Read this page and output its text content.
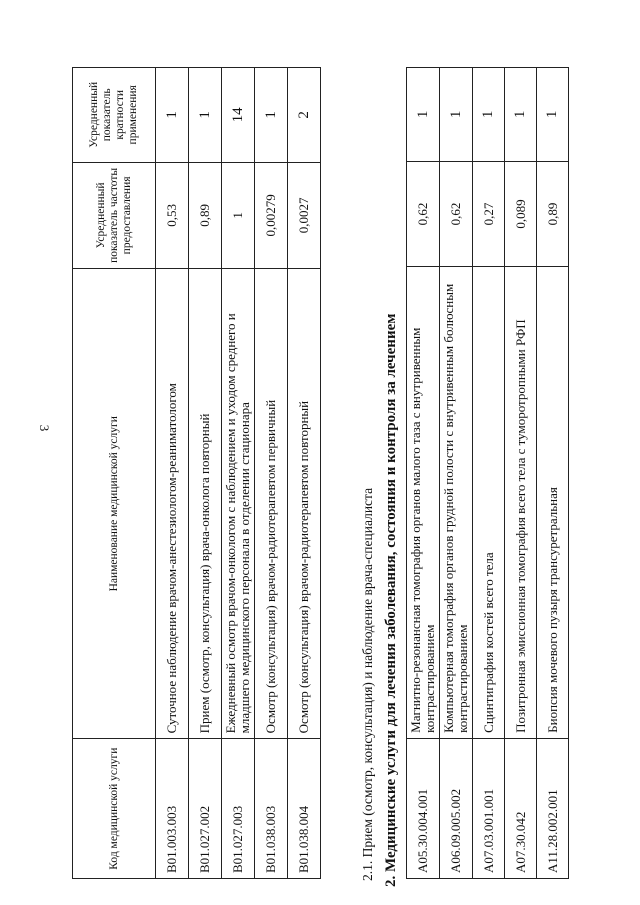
3
A05.30.004.001	Магнитно-резонансная томография органов малого таза с внутривенным контрастированием	0,62	1
A06.09.005.002	Компьютерная томография органов грудной полости с внутривенным болюсным контрастированием	0,62	1
A07.03.001.001	Сцинтиграфия костей всего тела	0,27	1
A07.30.042	Позитронная эмиссионная томография всего тела с туморотропными РФП	0,089	1
A11.28.002.001	Биопсия мочевого пузыря трансуретральная	0,89	1
2. Медицинские услуги для лечения заболевания, состояния и контроля за лечением
2.1. Прием (осмотр, консультация) и наблюдение врача-специалиста
Код медицинской услуги	Наименование медицинской услуги	Усредненный показатель частоты предоставления	Усредненный показатель кратности применения
B01.003.003	Суточное наблюдение врачом-анестезиологом-реаниматологом	0,53	1
B01.027.002	Прием (осмотр, консультация) врача-онколога повторный	0,89	1
B01.027.003	Ежедневный осмотр врачом-онкологом с наблюдением и уходом среднего и младшего медицинского персонала в отделении стационара	1	14
B01.038.003	Осмотр (консультация) врачом-радиотерапевтом первичный	0,00279	1
B01.038.004	Осмотр (консультация) врачом-радиотерапевтом повторный	0,0027	2
